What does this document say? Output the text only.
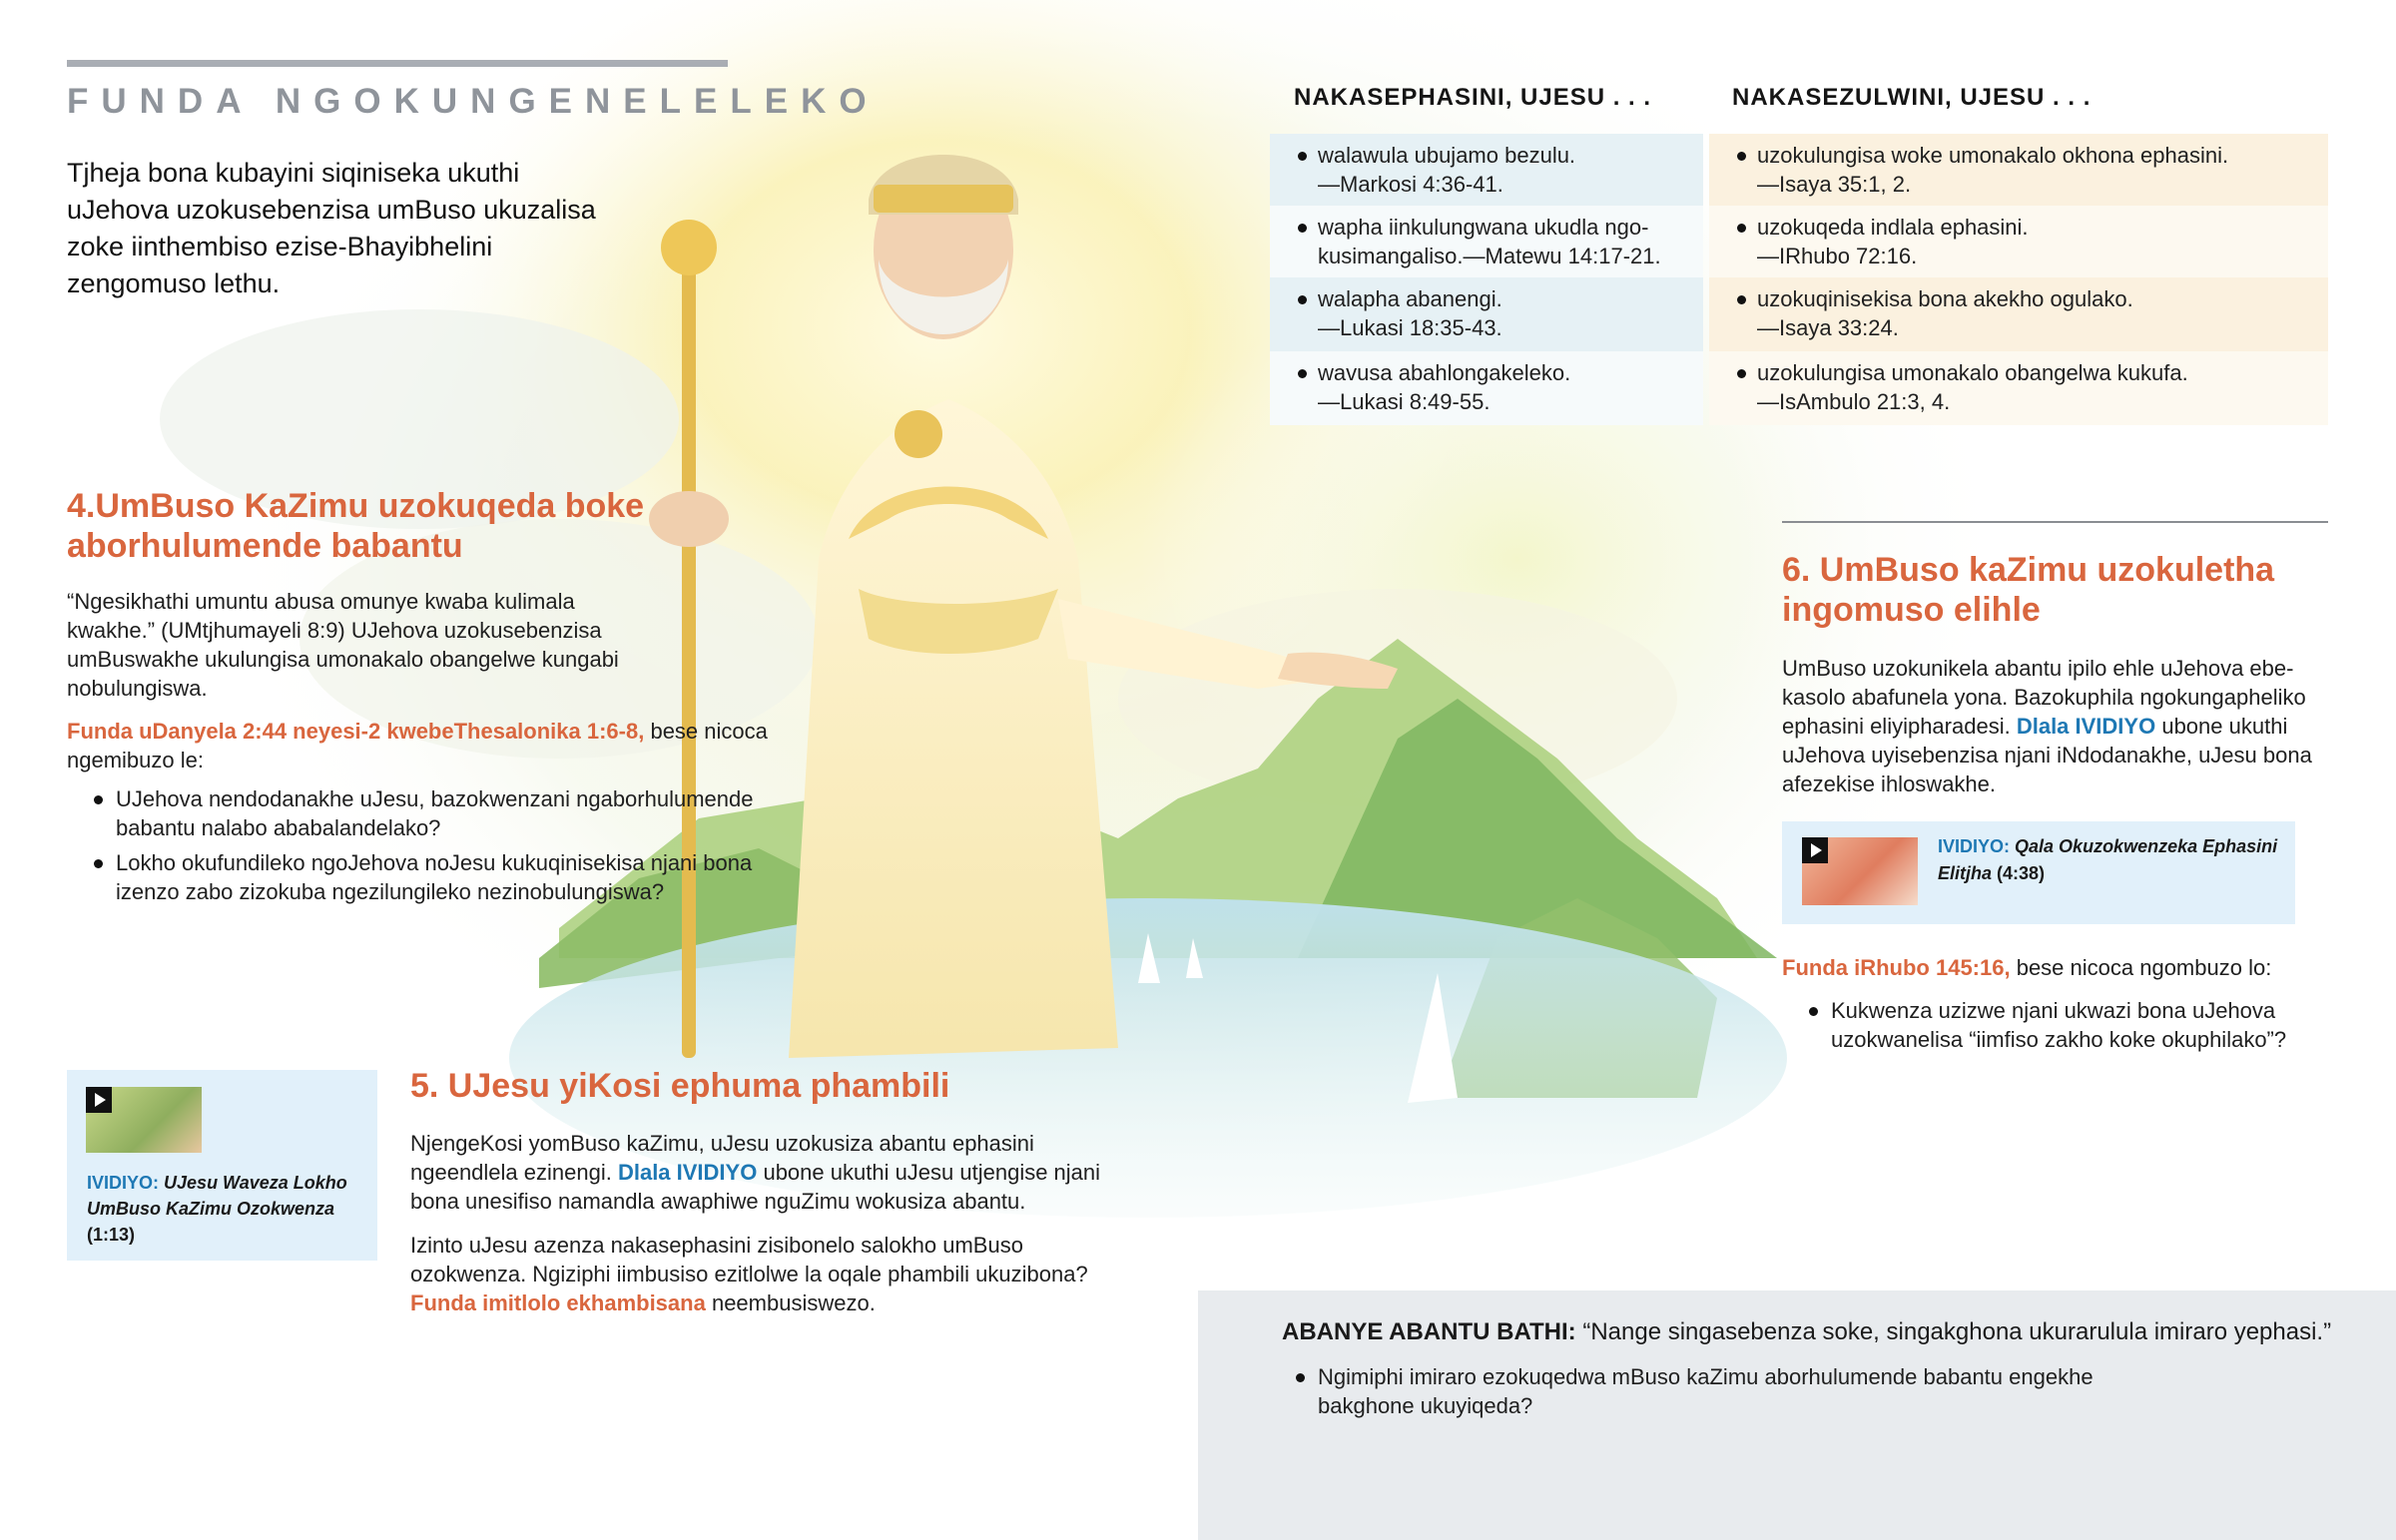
FUNDA NGOKUNGENELELEKO
Tjheja bona kubayini siqiniseka ukuthi uJehova uzokusebenzisa umBuso ukuzalisa zoke iinthembiso ezise-Bhayibhelini zengomuso lethu.
NAKASEPHASINI, UJESU . . .	NAKASEZULWINI, UJESU . . .
walawula ubujamo bezulu.
—Markosi 4:36-41.
wapha iinkulungwana ukudla ngo-kusimangaliso.—Matewu 14:17-21.
walapha abanengi.
—Lukasi 18:35-43.
wavusa abahlongakeleko.
—Lukasi 8:49-55.
uzokulungisa woke umonakalo okhona ephasini.
—Isaya 35:1, 2.
uzokuqeda indlala ephasini.
—IRhubo 72:16.
uzokuqinisekisa bona akekho ogulako.
—Isaya 33:24.
uzokulungisa umonakalo obangelwa kukufa.
—IsAmbulo 21:3, 4.
4.UmBuso KaZimu uzokuqeda boke aborhulumende babantu
“Ngesikhathi umuntu abusa omunye kwaba kulimala kwakhe.” (UMtjhumayeli 8:9) UJehova uzokusebenzisa umBuswakhe ukulungisa umonakalo obangelwe kungabi nobulungiswa.
Funda uDanyela 2:44 neyesi-2 kwebeThesalonika 1:6-8, bese nicoca ngemibuzo le:
UJehova nendodanakhe uJesu, bazokwenzani ngaborhulumende babantu nalabo ababalandelako?
Lokho okufundileko ngoJehova noJesu kukuqinisekisa njani bona izenzo zabo zizokuba ngezilungileko nezinobulungiswa?
IVIDIYO: UJesu Waveza Lokho UmBuso KaZimu Ozokwenza (1:13)
5. UJesu yiKosi ephuma phambili
NjengeKosi yomBuso kaZimu, uJesu uzokusiza abantu ephasini ngeendlela ezinengi. Dlala IVIDIYO ubone ukuthi uJesu utjengise njani bona unesifiso namandla awaphiwe nguZimu wokusiza abantu.
Izinto uJesu azenza nakasephasini zisibonelo salokho umBuso ozokwenza. Ngiziphi iimbusiso ezitlolwe la oqale phambili ukuzibona? Funda imitlolo ekhambisana neembusiswezo.
6. UmBuso kaZimu uzokuletha ingomuso elihle
UmBuso uzokunikela abantu ipilo ehle uJehova ebe-kasolo abafunela yona. Bazokuphila ngokungapheliko ephasini eliyipharadesi. Dlala IVIDIYO ubone ukuthi uJehova uyisebenzisa njani iNdodanakhe, uJesu bona afezekise ihloswakhe.
IVIDIYO: Qala Okuzokwenzeka Ephasini Elitjha (4:38)
Funda iRhubo 145:16, bese nicoca ngombuzo lo:
Kukwenza uzizwe njani ukwazi bona uJehova uzokwanelisa “iimfiso zakho koke okuphilako”?
ABANYE ABANTU BATHI: “Nange singasebenza soke, singakghona ukurarulula imiraro yephasi.”
Ngimiphi imiraro ezokuqedwa mBuso kaZimu aborhulumende babantu engekhe bakghone ukuyiqeda?
